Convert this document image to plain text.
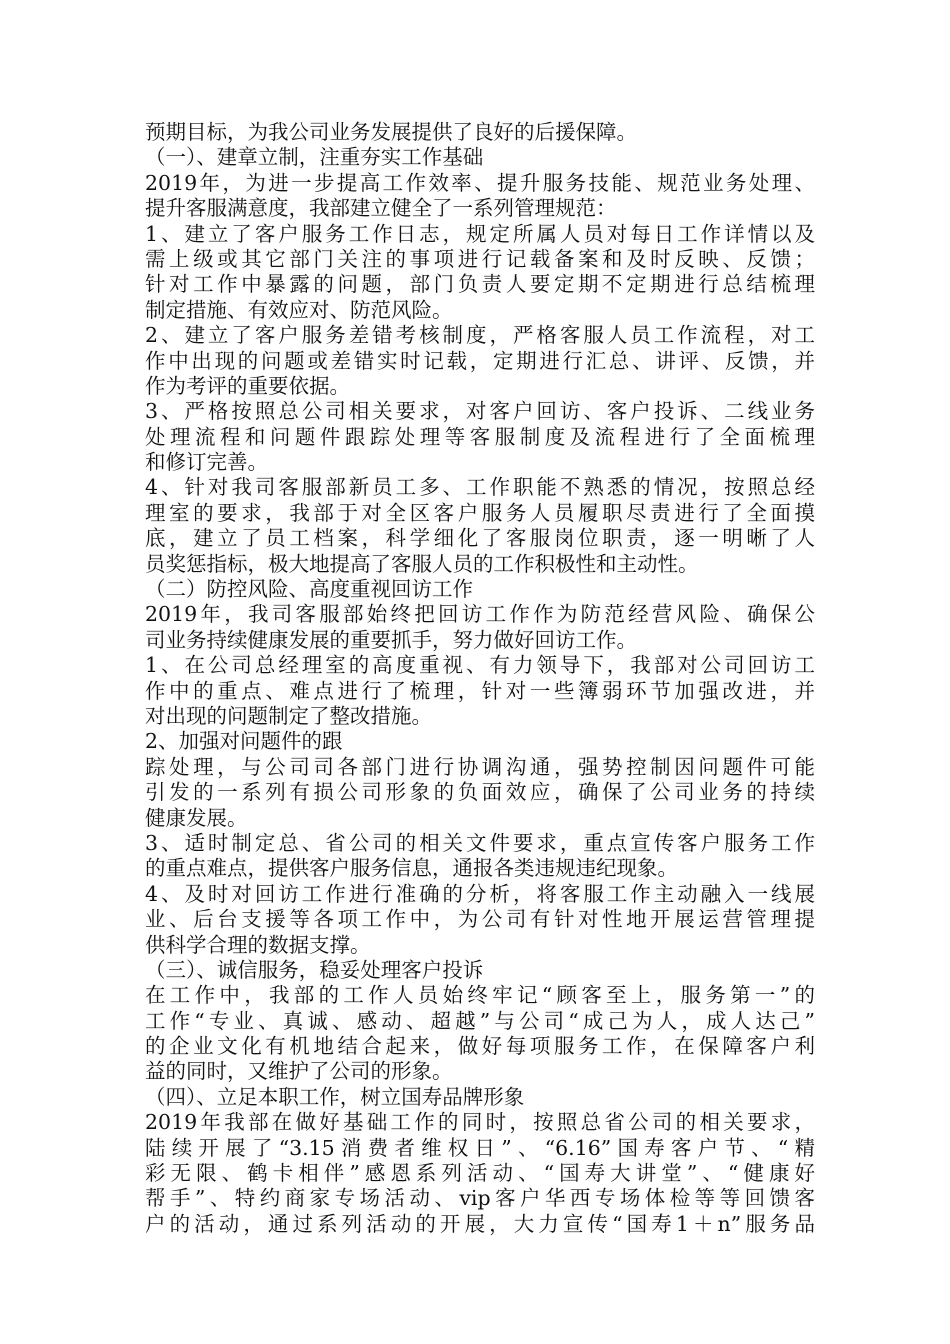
预期目标，为我公司业务发展提供了良好的后援保障。
（一）、建章立制，注重夯实工作基础
2019年，为进一步提高工作效率、提升服务技能、规范业务处理、
提升客服满意度，我部建立健全了一系列管理规范：
1、建立了客户服务工作日志，规定所属人员对每日工作详情以及
需上级或其它部门关注的事项进行记载备案和及时反映、反馈；
针对工作中暴露的问题，部门负责人要定期不定期进行总结梳理
制定措施、有效应对、防范风险。
2、建立了客户服务差错考核制度，严格客服人员工作流程，对工
作中出现的问题或差错实时记载，定期进行汇总、讲评、反馈，并
作为考评的重要依据。
3、严格按照总公司相关要求，对客户回访、客户投诉、二线业务
处理流程和问题件跟踪处理等客服制度及流程进行了全面梳理
和修订完善。
4、针对我司客服部新员工多、工作职能不熟悉的情况，按照总经
理室的要求，我部于对全区客户服务人员履职尽责进行了全面摸
底，建立了员工档案，科学细化了客服岗位职责，逐一明晰了人
员奖惩指标，极大地提高了客服人员的工作积极性和主动性。
（二）防控风险、高度重视回访工作
2019年，我司客服部始终把回访工作作为防范经营风险、确保公
司业务持续健康发展的重要抓手，努力做好回访工作。
1、在公司总经理室的高度重视、有力领导下，我部对公司回访工
作中的重点、难点进行了梳理，针对一些簿弱环节加强改进，并
对出现的问题制定了整改措施。
2、加强对问题件的跟
踪处理，与公司司各部门进行协调沟通，强势控制因问题件可能
引发的一系列有损公司形象的负面效应，确保了公司业务的持续
健康发展。
3、适时制定总、省公司的相关文件要求，重点宣传客户服务工作
的重点难点，提供客户服务信息，通报各类违规违纪现象。
4、及时对回访工作进行准确的分析，将客服工作主动融入一线展
业、后台支援等各项工作中，为公司有针对性地开展运营管理提
供科学合理的数据支撑。
（三）、诚信服务，稳妥处理客户投诉
在工作中，我部的工作人员始终牢记“顾客至上，服务第一”的
工作“专业、真诚、感动、超越”与公司“成己为人，成人达己”
的企业文化有机地结合起来，做好每项服务工作，在保障客户利
益的同时，又维护了公司的形象。
（四）、立足本职工作，树立国寿品牌形象
2019年我部在做好基础工作的同时，按照总省公司的相关要求，
陆续开展了“3.15消费者维权日”、“6.16”国寿客户节、“精
彩无限、鹤卡相伴”感恩系列活动、“国寿大讲堂”、“健康好
帮手”、特约商家专场活动、vip客户华西专场体检等等回馈客
户的活动，通过系列活动的开展，大力宣传“国寿1＋n”服务品
